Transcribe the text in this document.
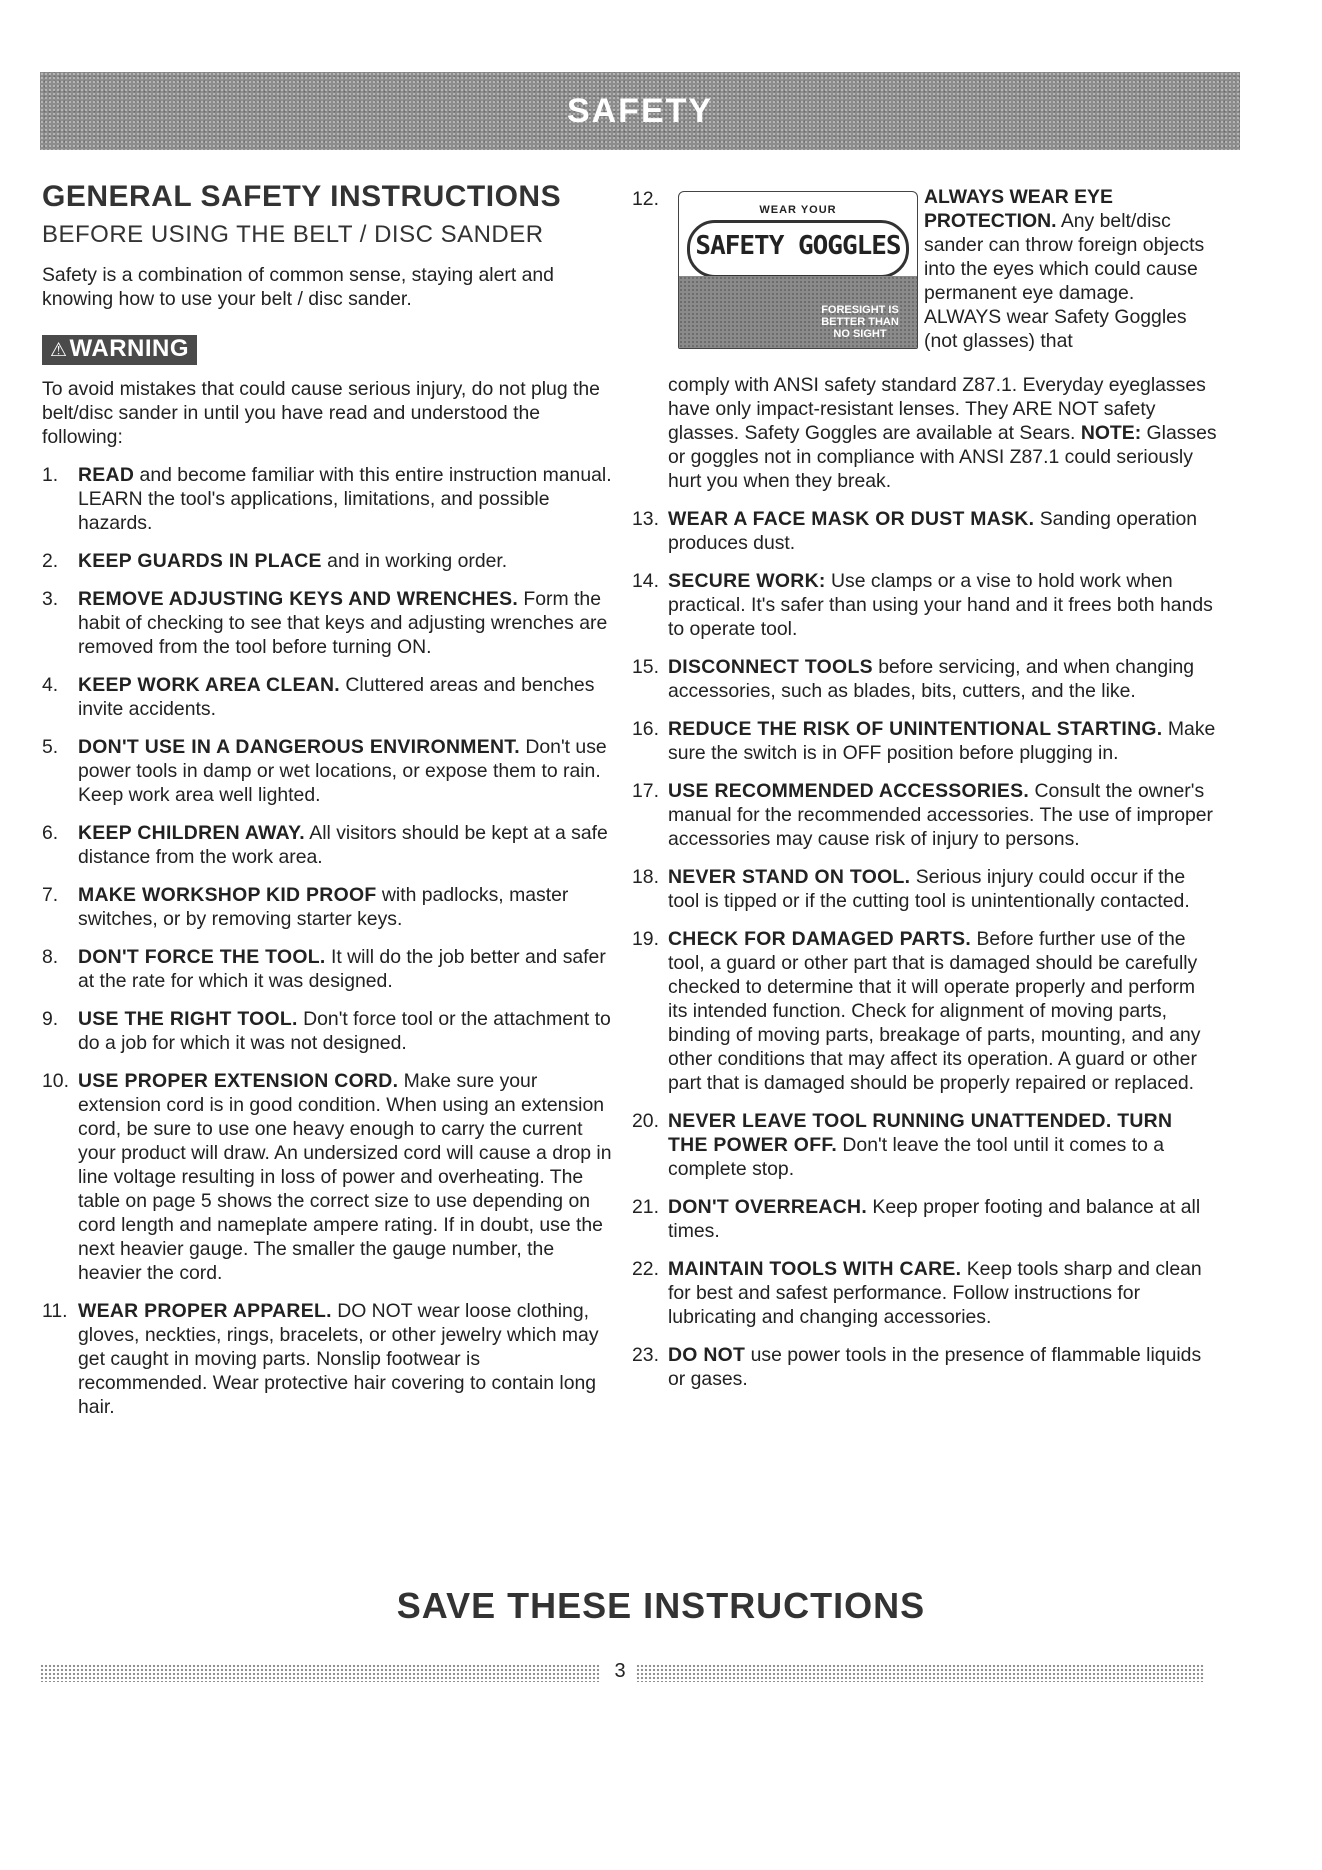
SAFETY
GENERAL SAFETY INSTRUCTIONS
BEFORE USING THE BELT / DISC SANDER

Safety is a combination of common sense, staying alert and knowing how to use your belt / disc sander.

⚠WARNING

To avoid mistakes that could cause serious injury, do not plug the belt/disc sander in until you have read and understood the following:

1.	READ and become familiar with this entire instruction manual. LEARN the tool's applications, limitations, and possible hazards.
2.	KEEP GUARDS IN PLACE and in working order.
3.	REMOVE ADJUSTING KEYS AND WRENCHES. Form the habit of checking to see that keys and adjusting wrenches are removed from the tool before turning ON.
4.	KEEP WORK AREA CLEAN. Cluttered areas and benches invite accidents.
5.	DON'T USE IN A DANGEROUS ENVIRONMENT. Don't use power tools in damp or wet locations, or expose them to rain. Keep work area well lighted.
6.	KEEP CHILDREN AWAY. All visitors should be kept at a safe distance from the work area.
7.	MAKE WORKSHOP KID PROOF with padlocks, master switches, or by removing starter keys.
8.	DON'T FORCE THE TOOL. It will do the job better and safer at the rate for which it was designed.
9.	USE THE RIGHT TOOL. Don't force tool or the attachment to do a job for which it was not designed.
10. USE PROPER EXTENSION CORD. Make sure your extension cord is in good condition. When using an extension cord, be sure to use one heavy enough to carry the current your product will draw. An undersized cord will cause a drop in line voltage resulting in loss of power and overheating. The table on page 5 shows the correct size to use depending on cord length and nameplate ampere rating. If in doubt, use the next heavier gauge. The smaller the gauge number, the heavier the cord.
11. WEAR PROPER APPAREL. DO NOT wear loose clothing, gloves, neckties, rings, bracelets, or other jewelry which may get caught in moving parts. Nonslip footwear is recommended. Wear protective hair covering to contain long hair.
12.	WEAR YOUR
SAFETY GOGGLES
FORESIGHT IS BETTER THAN NO SIGHT
ALWAYS WEAR EYE PROTECTION. Any belt/disc sander can throw foreign objects into the eyes which could cause permanent eye damage. ALWAYS wear Safety Goggles (not glasses) that
comply with ANSI safety standard Z87.1. Everyday eyeglasses have only impact-resistant lenses. They ARE NOT safety glasses. Safety Goggles are available at Sears. NOTE: Glasses or goggles not in compliance with ANSI Z87.1 could seriously hurt you when they break.
13. WEAR A FACE MASK OR DUST MASK. Sanding operation produces dust.
14. SECURE WORK: Use clamps or a vise to hold work when practical. It's safer than using your hand and it frees both hands to operate tool.
15. DISCONNECT TOOLS before servicing, and when changing accessories, such as blades, bits, cutters, and the like.
16. REDUCE THE RISK OF UNINTENTIONAL STARTING. Make sure the switch is in OFF position before plugging in.
17. USE RECOMMENDED ACCESSORIES. Consult the owner's manual for the recommended accessories. The use of improper accessories may cause risk of injury to persons.
18. NEVER STAND ON TOOL. Serious injury could occur if the tool is tipped or if the cutting tool is unintentionally contacted.
19. CHECK FOR DAMAGED PARTS. Before further use of the tool, a guard or other part that is damaged should be carefully checked to determine that it will operate properly and perform its intended function. Check for alignment of moving parts, binding of moving parts, breakage of parts, mounting, and any other conditions that may affect its operation. A guard or other part that is damaged should be properly repaired or replaced.
20. NEVER LEAVE TOOL RUNNING UNATTENDED. TURN THE POWER OFF. Don't leave the tool until it comes to a complete stop.
21. DON'T OVERREACH. Keep proper footing and balance at all times.
22. MAINTAIN TOOLS WITH CARE. Keep tools sharp and clean for best and safest performance. Follow instructions for lubricating and changing accessories.
23. DO NOT use power tools in the presence of flammable liquids or gases.
SAVE THESE INSTRUCTIONS
3
